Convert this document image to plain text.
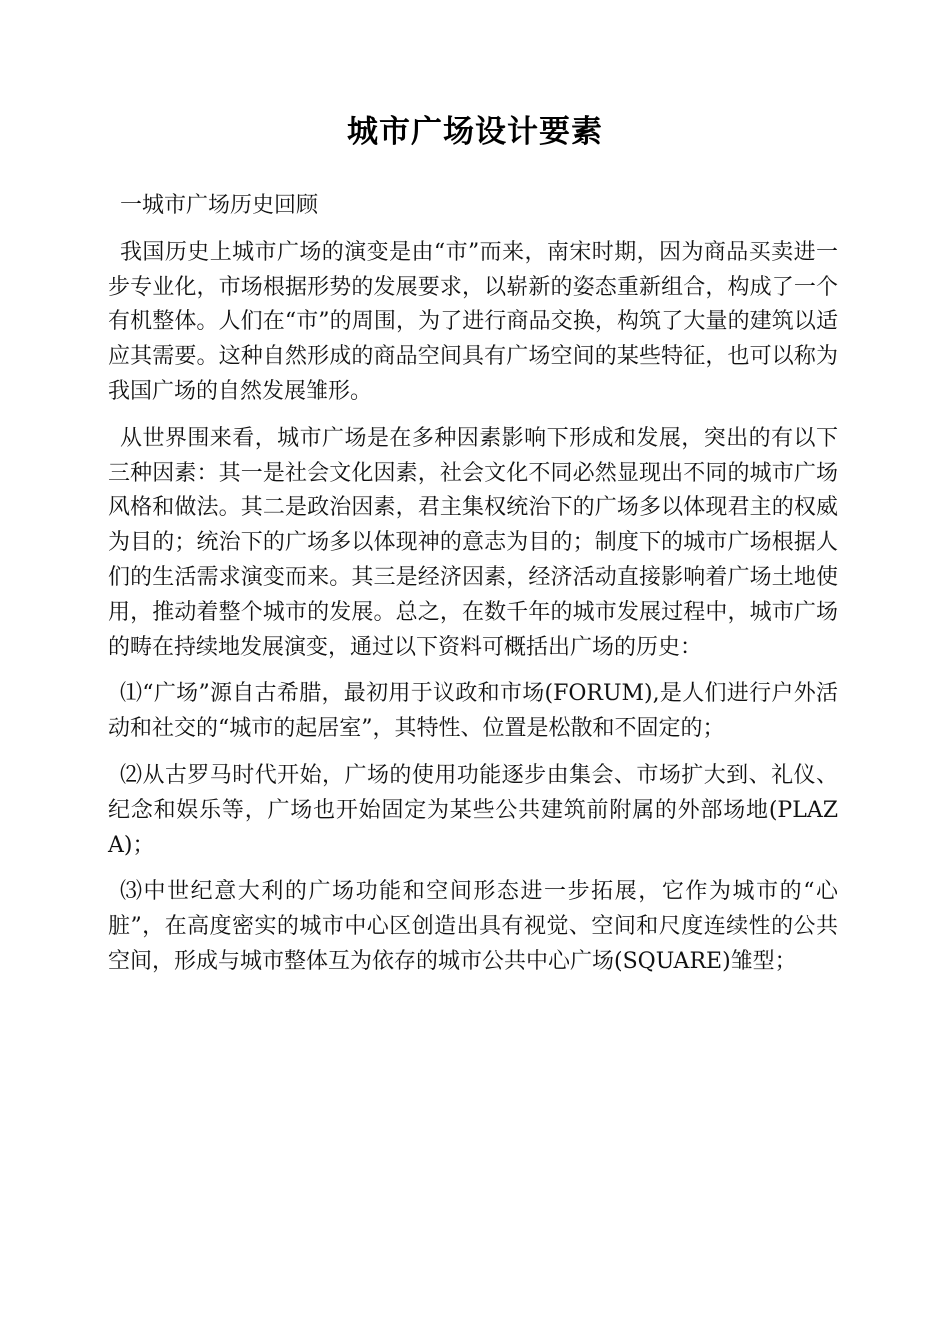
城市广场设计要素

一城市广场历史回顾

我国历史上城市广场的演变是由“市”而来，南宋时期，因为商品买卖进一步专业化，市场根据形势的发展要求，以崭新的姿态重新组合，构成了一个有机整体。人们在“市”的周围，为了进行商品交换，构筑了大量的建筑以适应其需要。这种自然形成的商品空间具有广场空间的某些特征，也可以称为我国广场的自然发展雏形。

从世界围来看，城市广场是在多种因素影响下形成和发展，突出的有以下三种因素：其一是社会文化因素，社会文化不同必然显现出不同的城市广场风格和做法。其二是政治因素，君主集权统治下的广场多以体现君主的权威为目的；统治下的广场多以体现神的意志为目的；制度下的城市广场根据人们的生活需求演变而来。其三是经济因素，经济活动直接影响着广场土地使用，推动着整个城市的发展。总之，在数千年的城市发展过程中，城市广场的畴在持续地发展演变，通过以下资料可概括出广场的历史：

⑴“广场”源自古希腊，最初用于议政和市场(FORUM),是人们进行户外活动和社交的“城市的起居室”，其特性、位置是松散和不固定的；

⑵从古罗马时代开始，广场的使用功能逐步由集会、市场扩大到、礼仪、纪念和娱乐等，广场也开始固定为某些公共建筑前附属的外部场地(PLAZA)；

⑶中世纪意大利的广场功能和空间形态进一步拓展，它作为城市的“心脏”，在高度密实的城市中心区创造出具有视觉、空间和尺度连续性的公共空间，形成与城市整体互为依存的城市公共中心广场(SQUARE)雏型；
